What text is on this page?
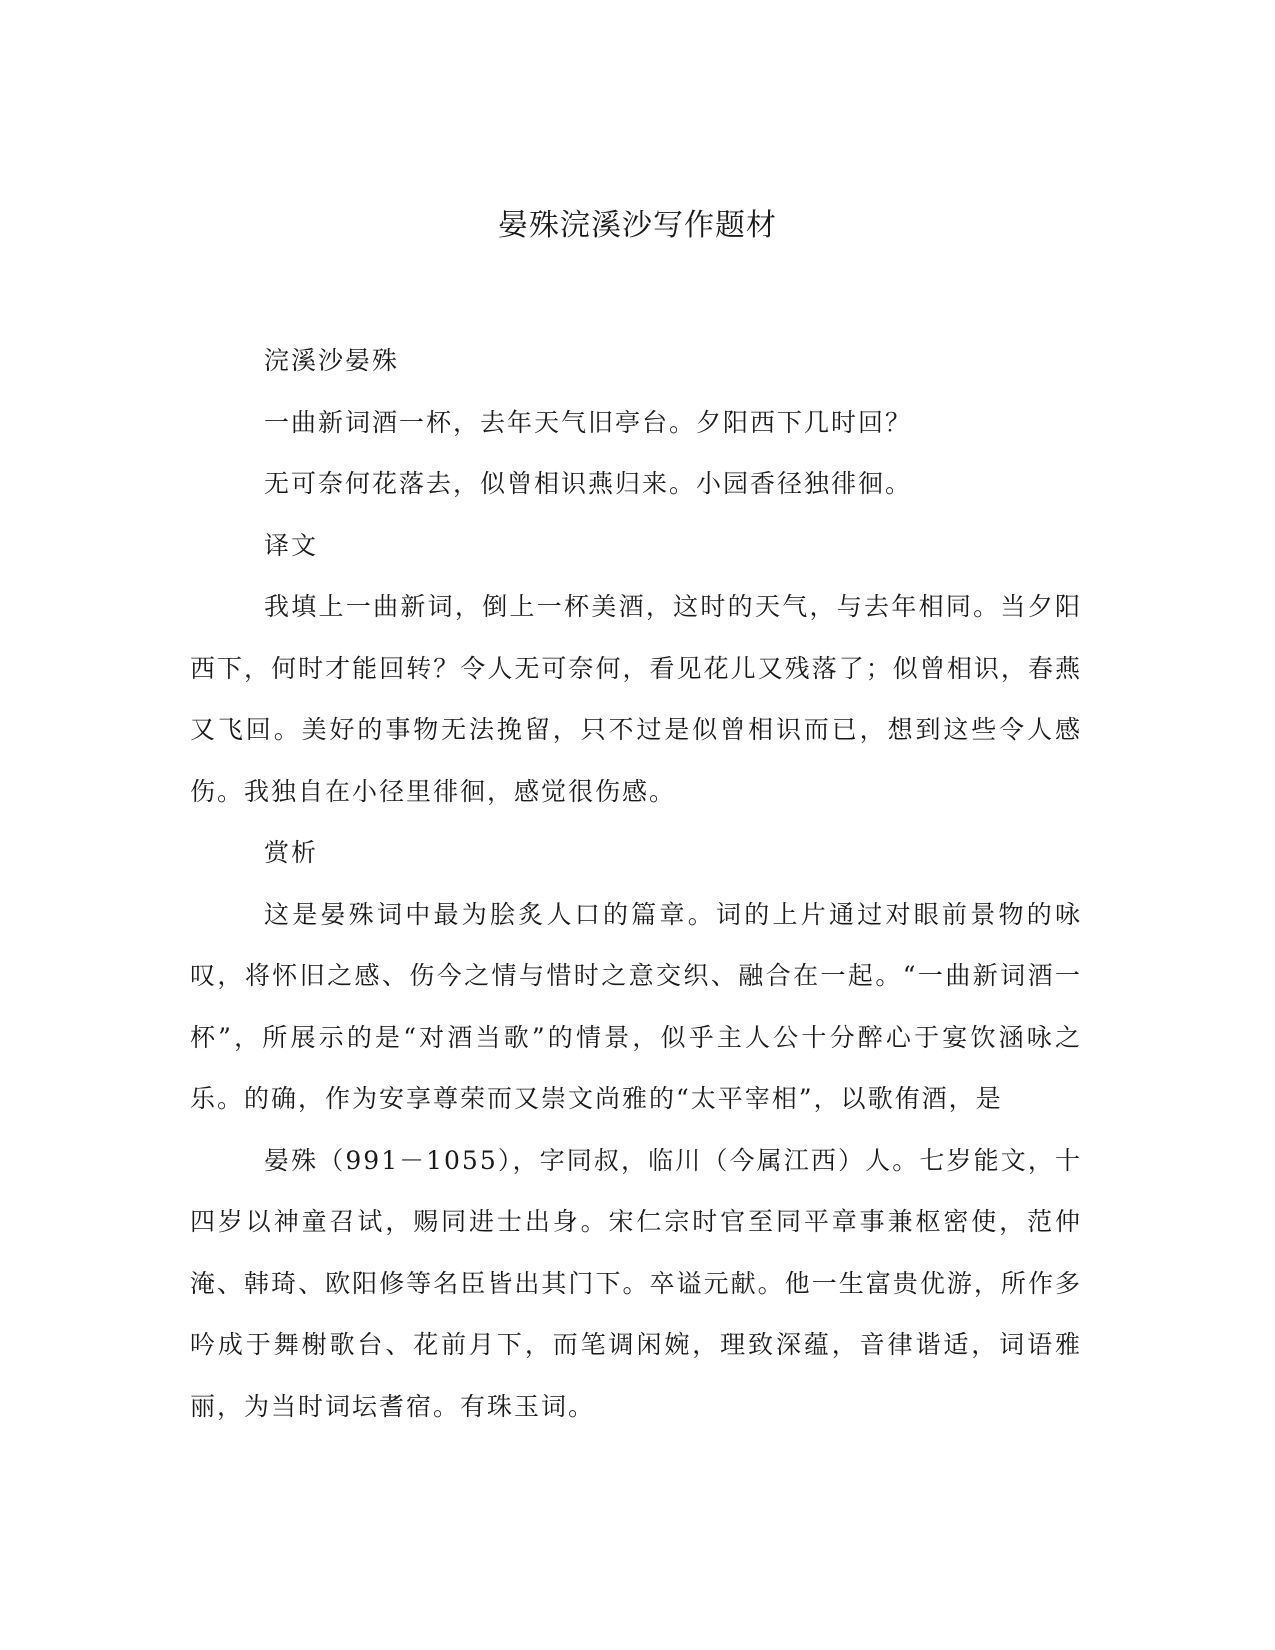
晏殊浣溪沙写作题材

浣溪沙晏殊

一曲新词酒一杯，去年天气旧亭台。夕阳西下几时回？

无可奈何花落去，似曾相识燕归来。小园香径独徘徊。

译文

我填上一曲新词，倒上一杯美酒，这时的天气，与去年相同。当夕阳西下，何时才能回转？令人无可奈何，看见花儿又残落了；似曾相识，春燕又飞回。美好的事物无法挽留，只不过是似曾相识而已，想到这些令人感伤。我独自在小径里徘徊，感觉很伤感。

赏析

这是晏殊词中最为脍炙人口的篇章。词的上片通过对眼前景物的咏叹，将怀旧之感、伤今之情与惜时之意交织、融合在一起。“一曲新词酒一杯”，所展示的是“对酒当歌”的情景，似乎主人公十分醉心于宴饮涵咏之乐。的确，作为安享尊荣而又崇文尚雅的“太平宰相”，以歌侑酒，是

晏殊（991－1055），字同叔，临川（今属江西）人。七岁能文，十四岁以神童召试，赐同进士出身。宋仁宗时官至同平章事兼枢密使，范仲淹、韩琦、欧阳修等名臣皆出其门下。卒谥元献。他一生富贵优游，所作多吟成于舞榭歌台、花前月下，而笔调闲婉，理致深蕴，音律谐适，词语雅丽，为当时词坛耆宿。有珠玉词。
